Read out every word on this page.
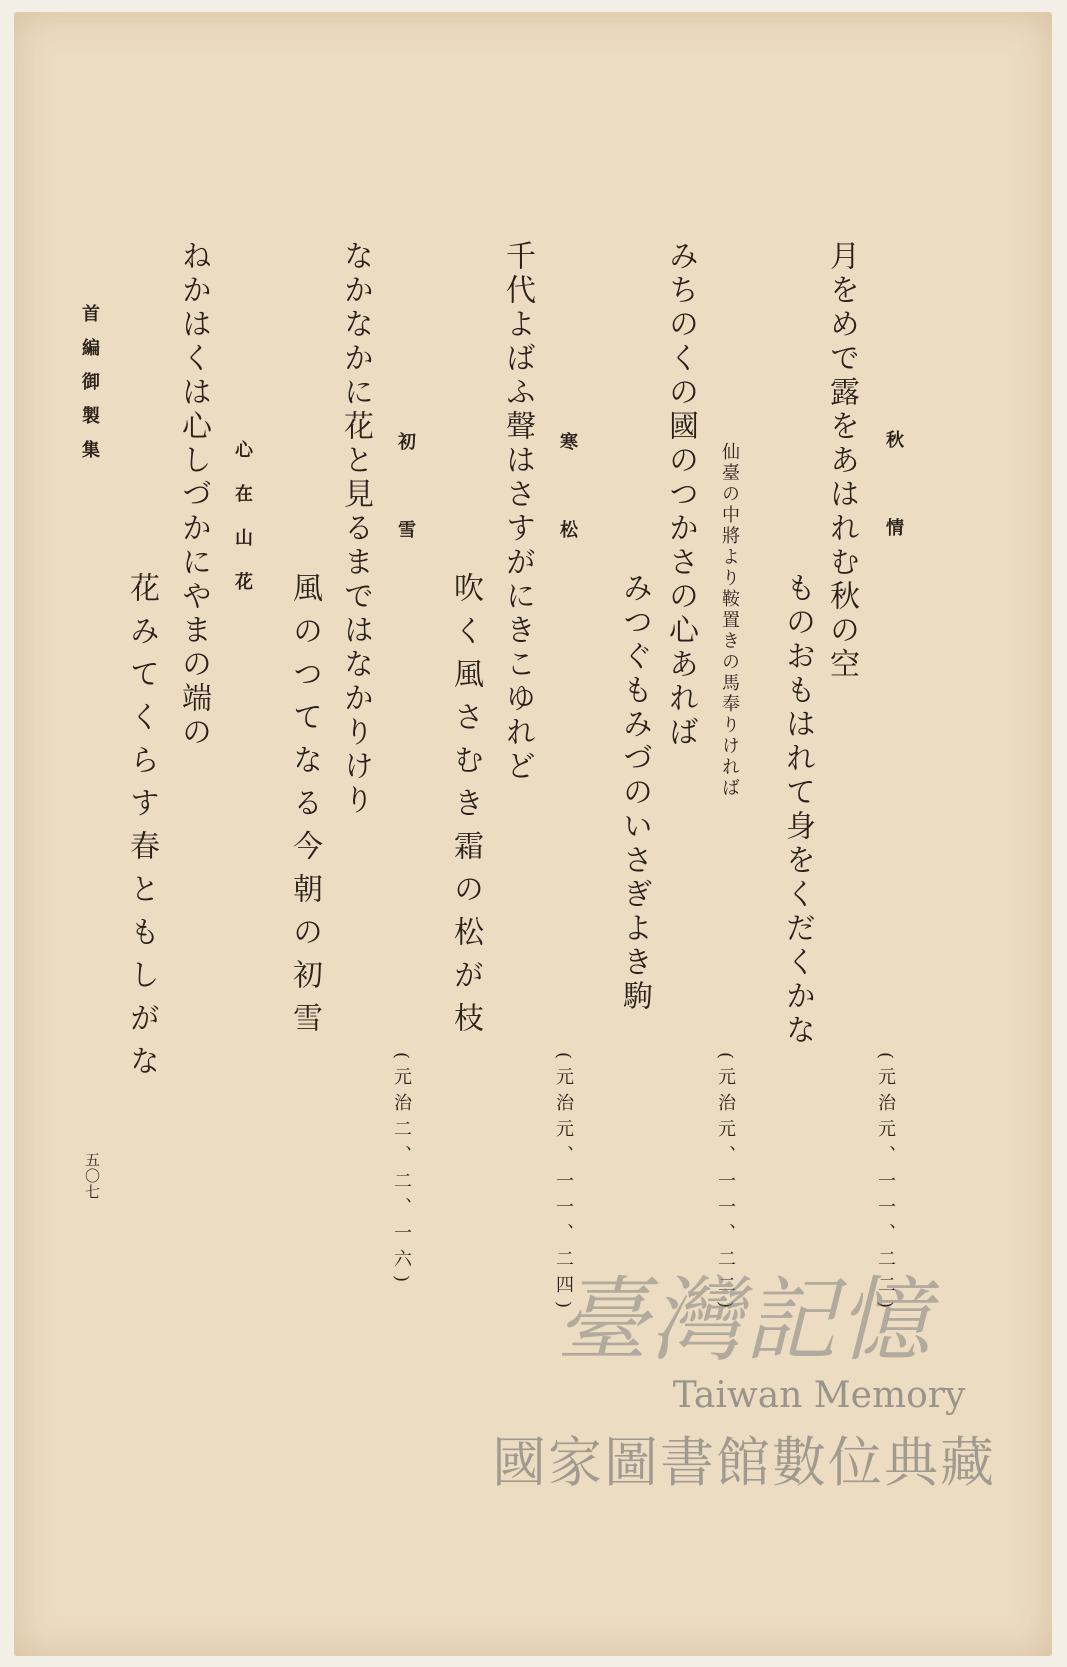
秋　情
月をめで露をあはれむ秋の空
ものおもはれて身をくだくかな
(元治元、一一、二二)
仙臺の中將より鞍置きの馬奉りければ
みちのくの國のつかさの心あれば
みつぐもみづのいさぎよき駒
(元治元、一一、二二)
寒　松
千代よばふ聲はさすがにきこゆれど
吹く風さむき霜の松が枝
(元治元、一一、二四)
初　雪
なかなかに花と見るまではなかりけり
風のつてなる今朝の初雪
(元治二、二、一六)
心在山花
ねかはくは心しづかにやまの端の
花みてくらす春ともしがな
首編御製集
五〇七
臺灣記憶
Taiwan Memory
國家圖書館數位典藏
